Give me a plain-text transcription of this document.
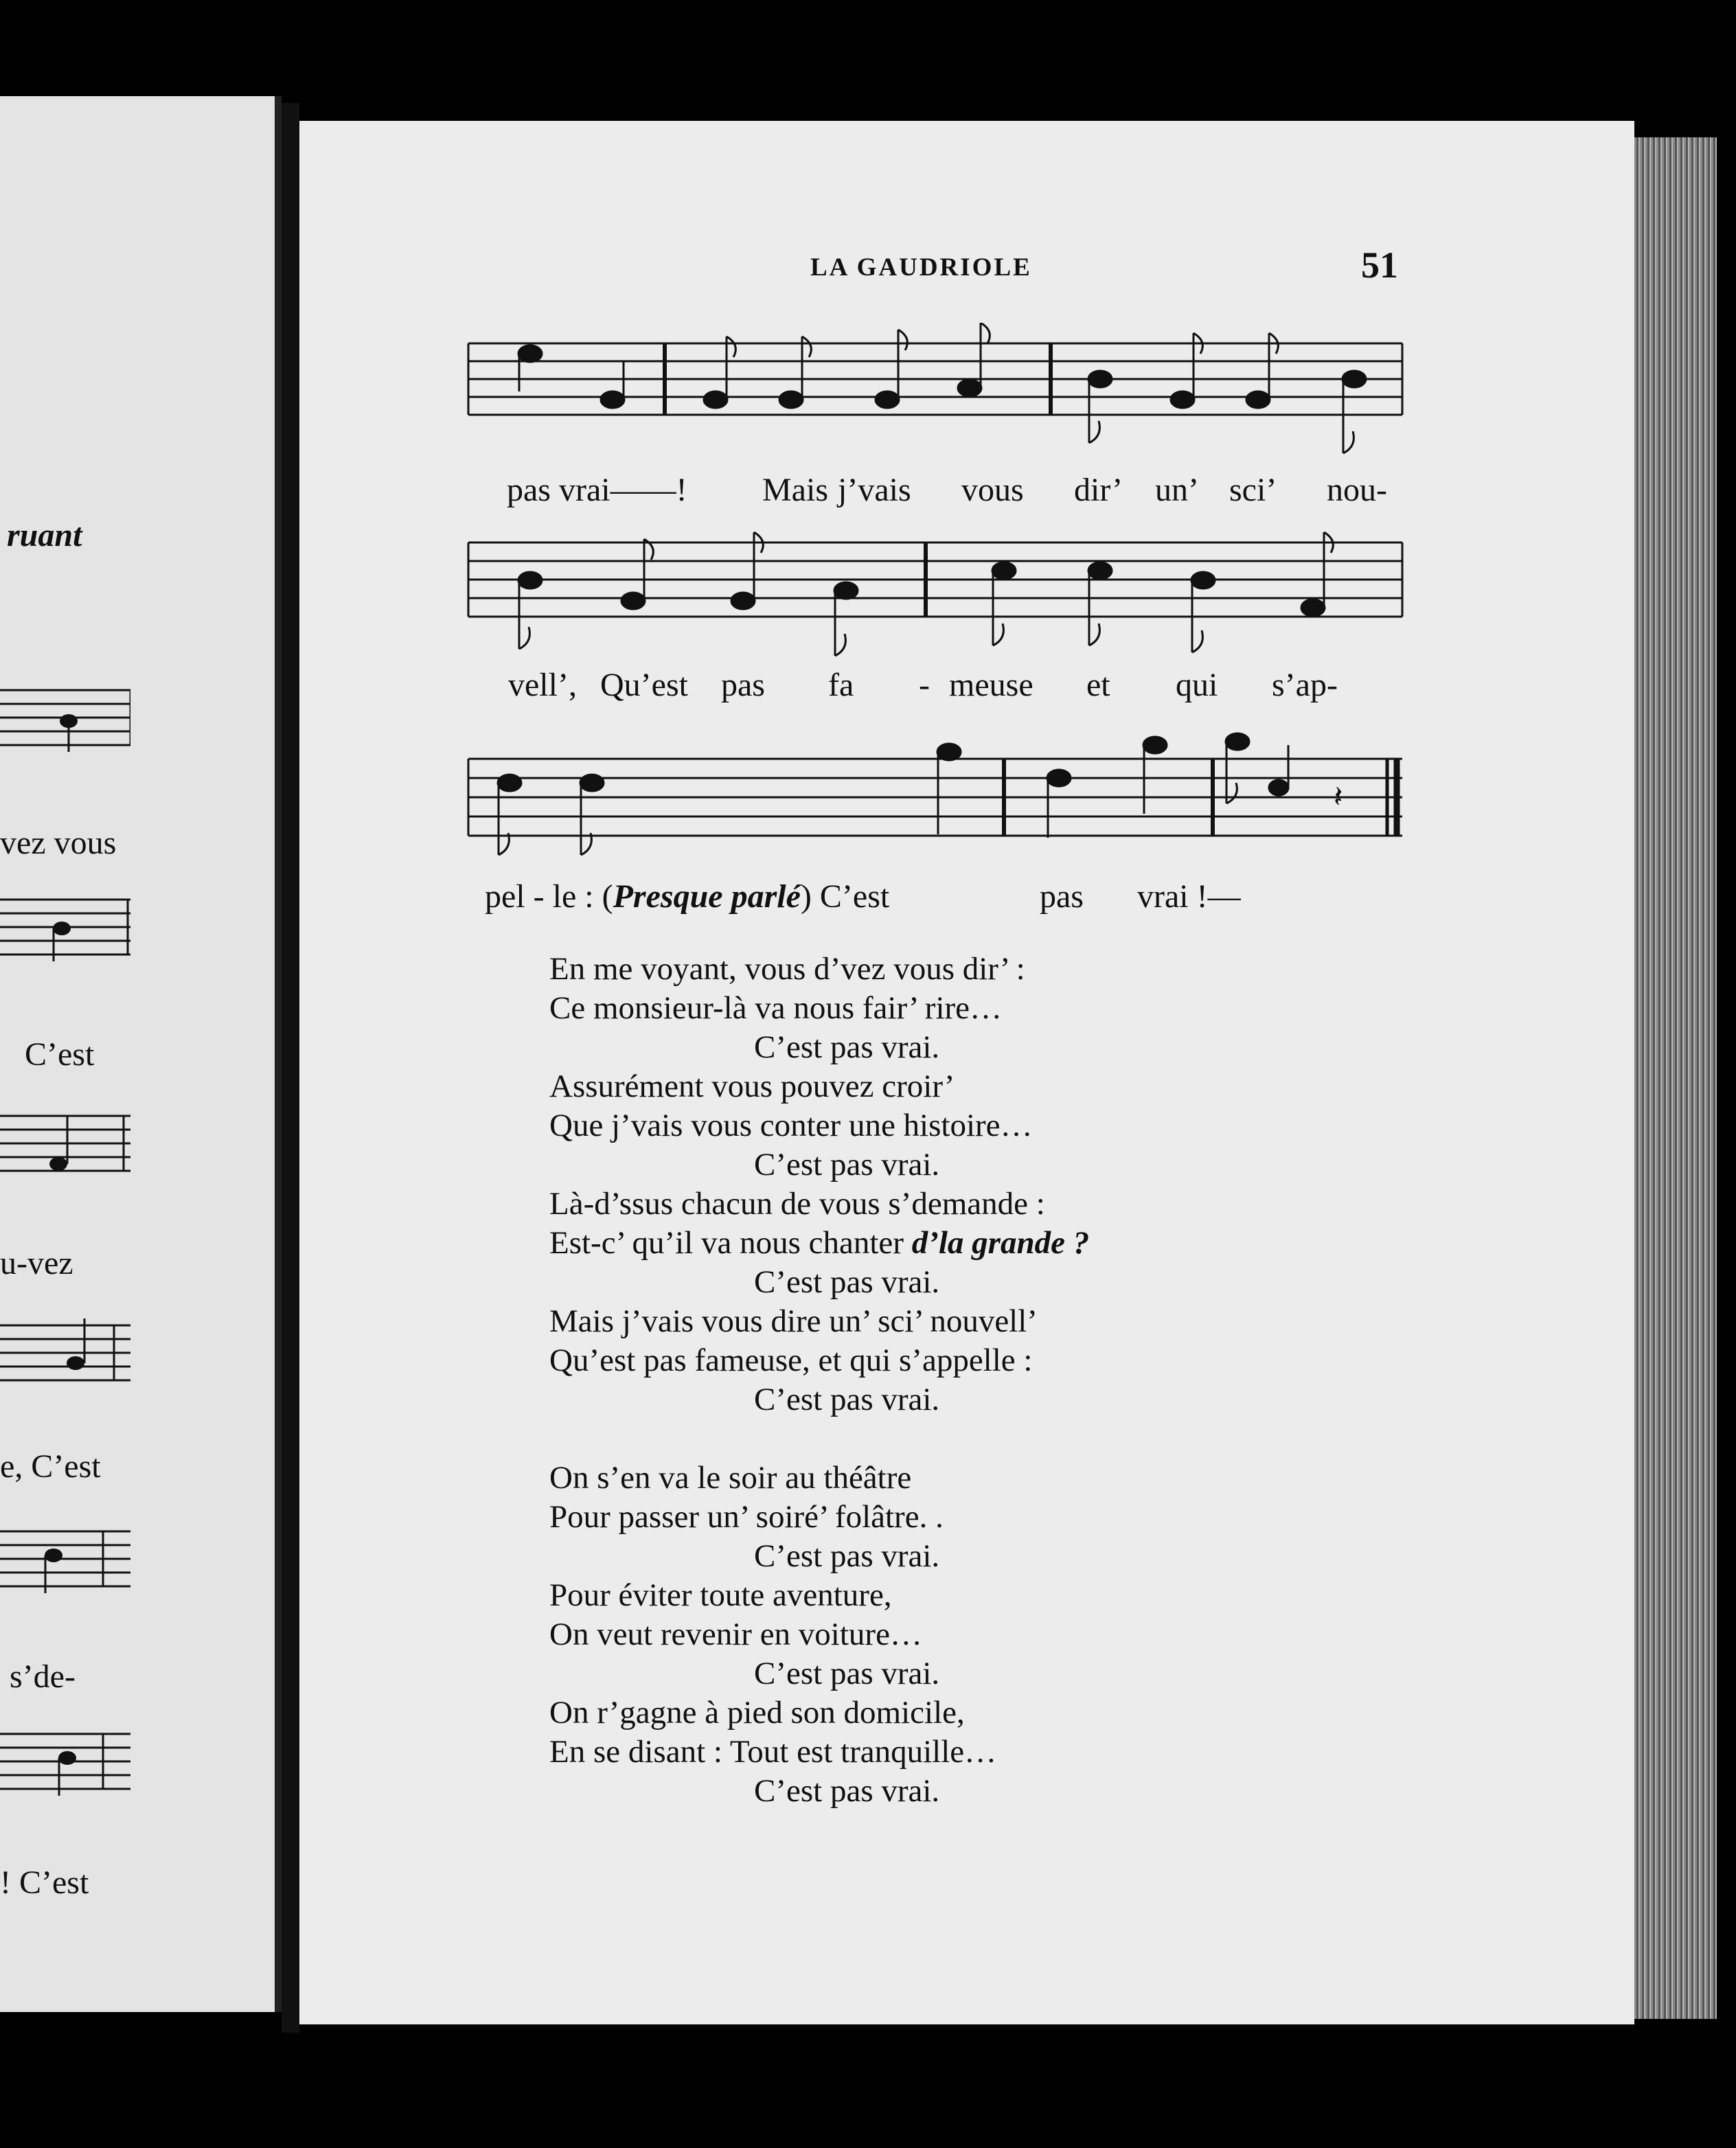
ruant
vez vous
C’est
u-vez
e, C’est
s’de-
! C’est
LA GAUDRIOLE	51
pas vrai——! Mais j’vais vous dir’ un’ sci’ nou-
vell’, Qu’est pas fa - meuse et qui s’ap-
𝄽
pel - le : (Presque parlé) C’est	pas vrai !—
En me voyant, vous d’vez vous dir’ :
Ce monsieur-là va nous fair’ rire…
C’est pas vrai.
Assurément vous pouvez croir’
Que j’vais vous conter une histoire…
C’est pas vrai.
Là-d’ssus chacun de vous s’demande :
Est-c’ qu’il va nous chanter d’la grande ?
C’est pas vrai.
Mais j’vais vous dire un’ sci’ nouvell’
Qu’est pas fameuse, et qui s’appelle :
C’est pas vrai.
On s’en va le soir au théâtre
Pour passer un’ soiré’ folâtre. .
C’est pas vrai.
Pour éviter toute aventure,
On veut revenir en voiture…
C’est pas vrai.
On r’gagne à pied son domicile,
En se disant : Tout est tranquille…
C’est pas vrai.
